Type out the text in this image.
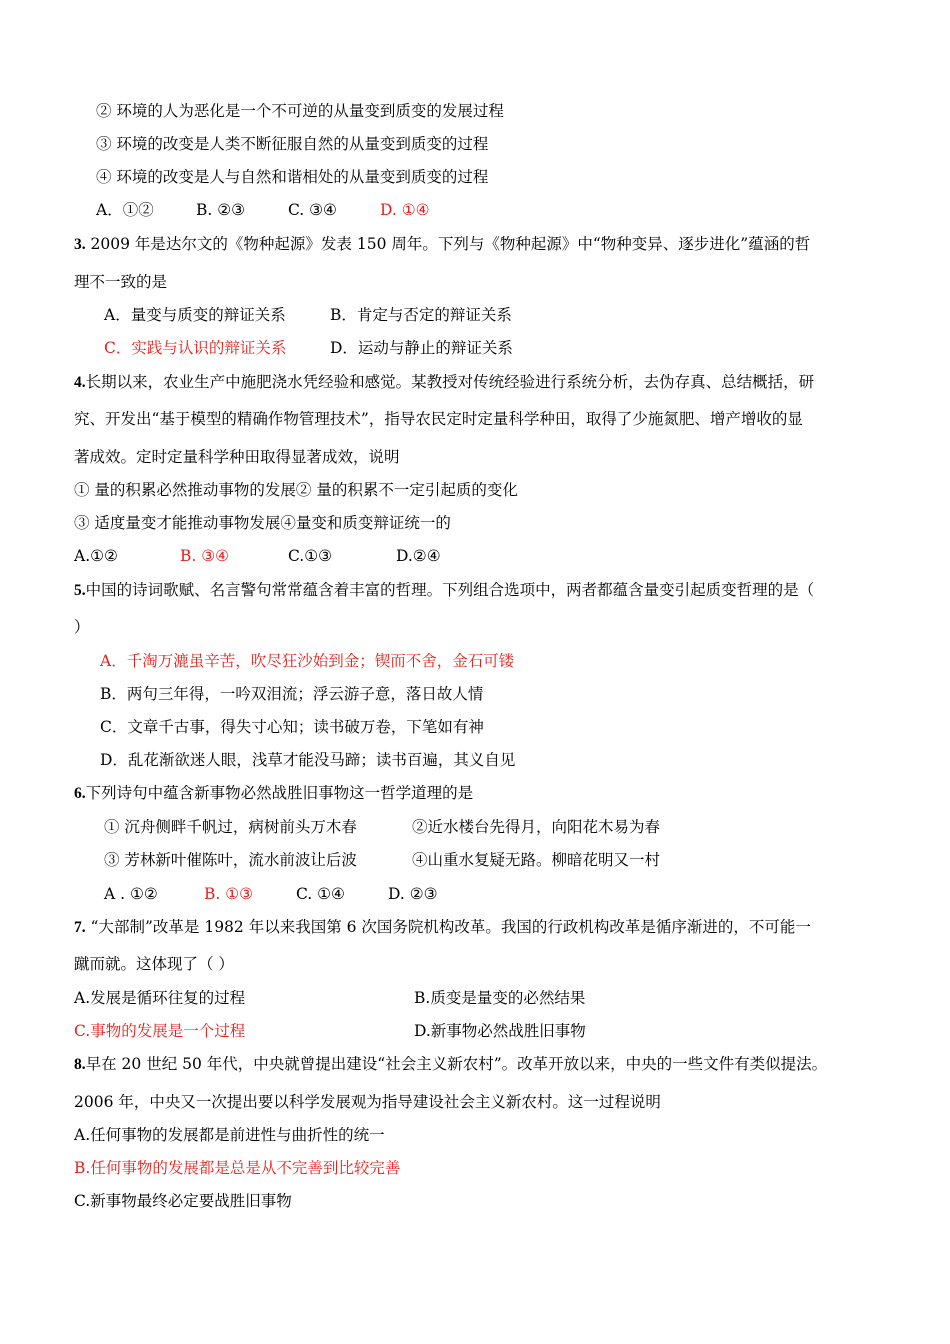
② 环境的人为恶化是一个不可逆的从量变到质变的发展过程
③ 环境的改变是人类不断征服自然的从量变到质变的过程
④ 环境的改变是人与自然和谐相处的从量变到质变的过程
A．①②	B. ②③	C. ③④	D. ①④
3. 2009 年是达尔文的《物种起源》发表 150 周年。下列与《物种起源》中“物种变异、逐步进化”蕴涵的哲
理不一致的是
A．量变与质变的辩证关系	B．肯定与否定的辩证关系
C．实践与认识的辩证关系	D．运动与静止的辩证关系
4.长期以来，农业生产中施肥浇水凭经验和感觉。某教授对传统经验进行系统分析，去伪存真、总结概括，研
究、开发出“基于模型的精确作物管理技术”，指导农民定时定量科学种田，取得了少施氮肥、增产增收的显
著成效。定时定量科学种田取得显著成效，说明
① 量的积累必然推动事物的发展② 量的积累不一定引起质的变化
③ 适度量变才能推动事物发展④量变和质变辩证统一的
A.①②	B. ③④	C.①③	D.②④
5.中国的诗词歌赋、名言警句常常蕴含着丰富的哲理。下列组合选项中，两者都蕴含量变引起质变哲理的是（
）
A．千淘万漉虽辛苦，吹尽狂沙始到金；锲而不舍，金石可镂
B．两句三年得，一吟双泪流；浮云游子意，落日故人情
C．文章千古事，得失寸心知；读书破万卷，下笔如有神
D．乱花渐欲迷人眼，浅草才能没马蹄；读书百遍，其义自见
6.下列诗句中蕴含新事物必然战胜旧事物这一哲学道理的是
① 沉舟侧畔千帆过，病树前头万木春	②近水楼台先得月，向阳花木易为春
③ 芳林新叶催陈叶，流水前波让后波	④山重水复疑无路。柳暗花明又一村
A . ①②	B. ①③	C. ①④	D. ②③
7. “大部制”改革是 1982 年以来我国第 6 次国务院机构改革。我国的行政机构改革是循序渐进的，不可能一
蹴而就。这体现了（ ）
A.发展是循环往复的过程	B.质变是量变的必然结果
C.事物的发展是一个过程	D.新事物必然战胜旧事物
8.早在 20 世纪 50 年代，中央就曾提出建设“社会主义新农村”。改革开放以来，中央的一些文件有类似提法。
2006 年，中央又一次提出要以科学发展观为指导建设社会主义新农村。这一过程说明
A.任何事物的发展都是前进性与曲折性的统一
B.任何事物的发展都是总是从不完善到比较完善
C.新事物最终必定要战胜旧事物
